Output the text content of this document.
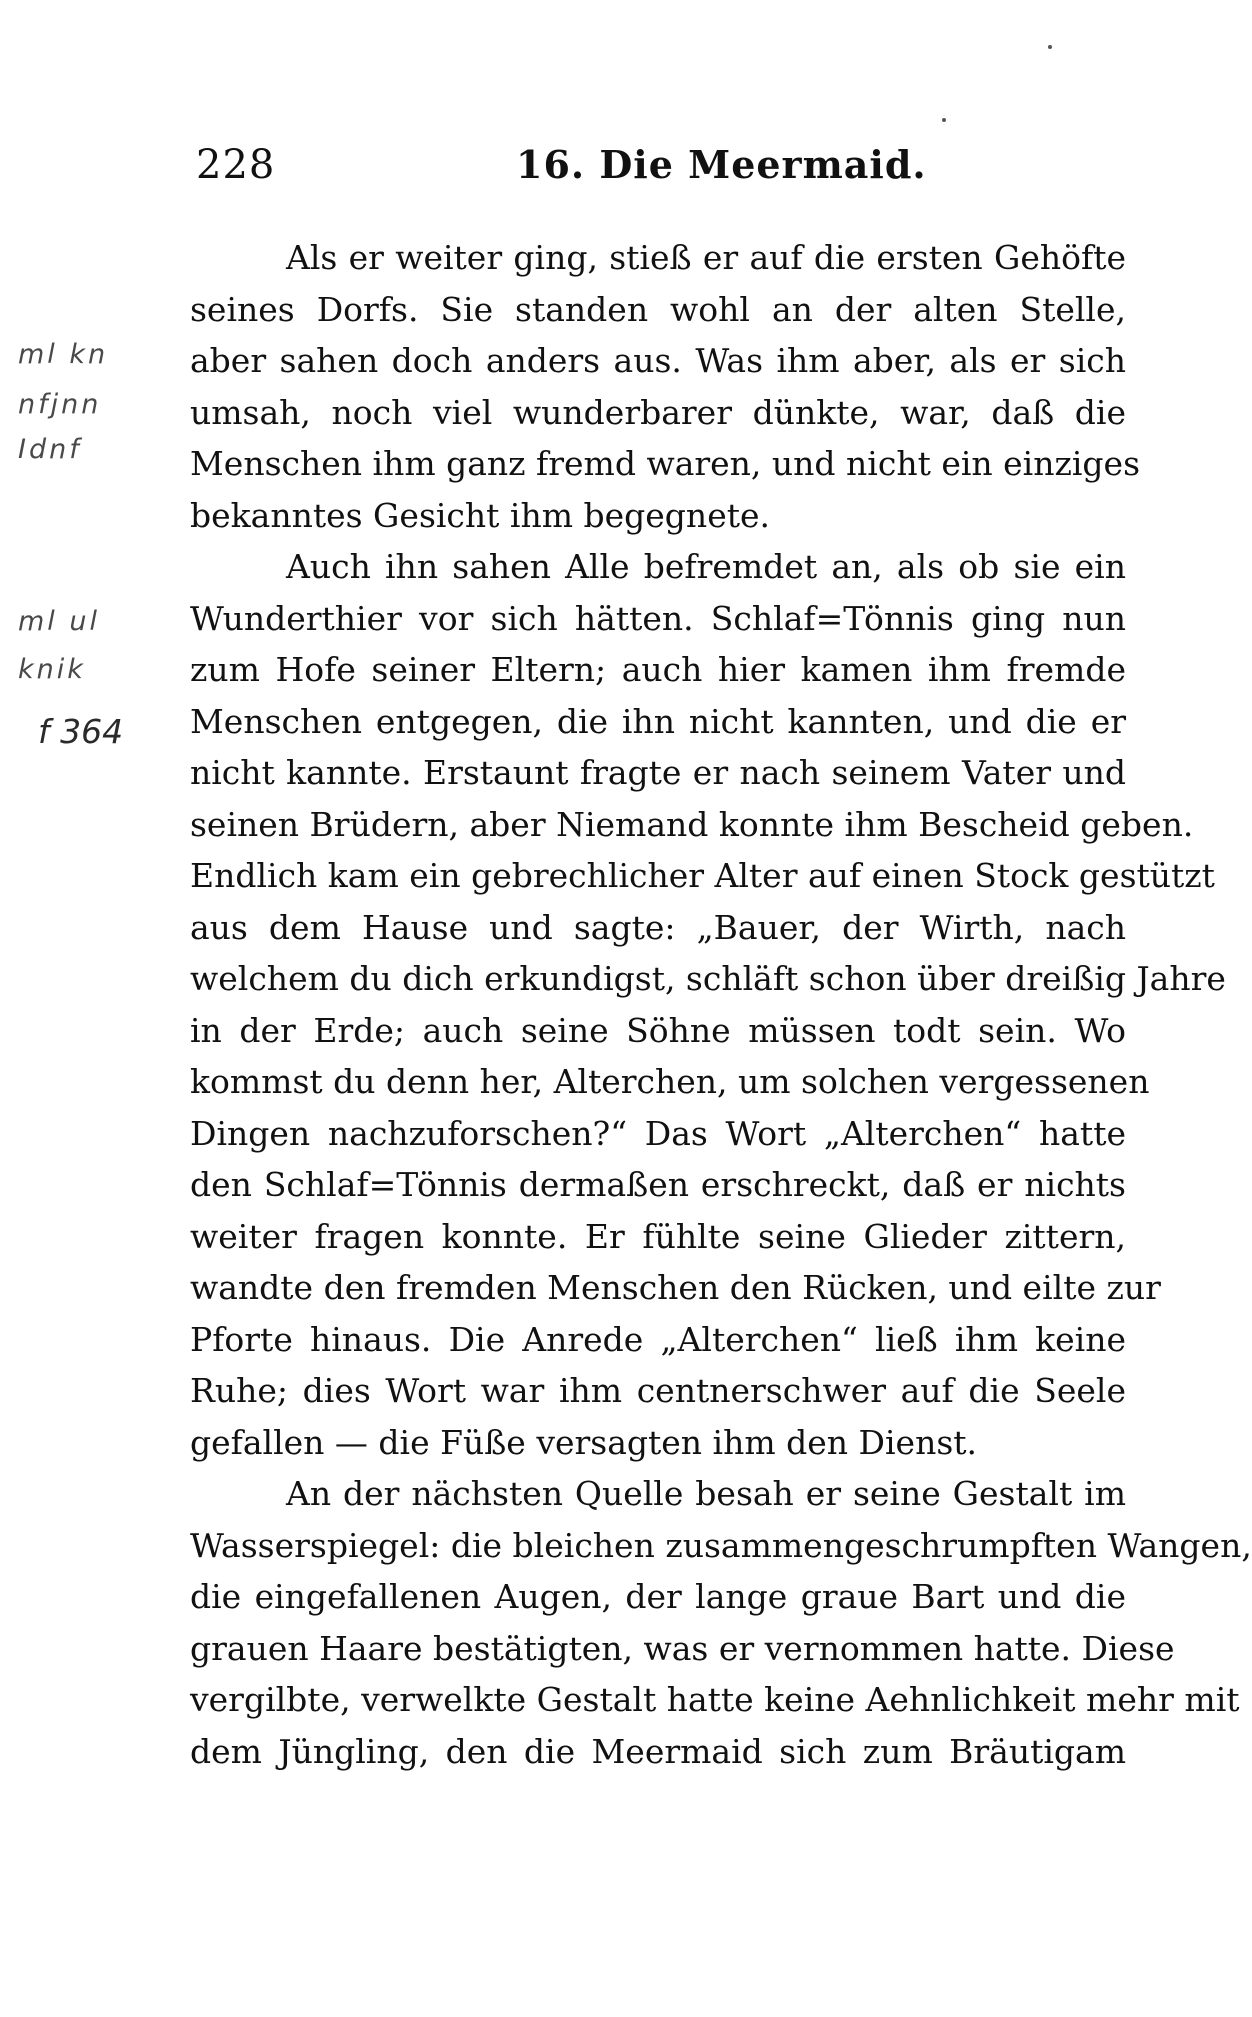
228	16. Die Meermaid.
ml kn
nfjnn
Idnf
ml ul
knik
f 364
Als er weiter ging, stieß er auf die ersten Gehöfte
seines Dorfs. Sie standen wohl an der alten Stelle,
aber sahen doch anders aus. Was ihm aber, als er sich
umsah, noch viel wunderbarer dünkte, war, daß die
Menschen ihm ganz fremd waren, und nicht ein einziges
bekanntes Gesicht ihm begegnete.
Auch ihn sahen Alle befremdet an, als ob sie ein
Wunderthier vor sich hätten. Schlaf=Tönnis ging nun
zum Hofe seiner Eltern; auch hier kamen ihm fremde
Menschen entgegen, die ihn nicht kannten, und die er
nicht kannte. Erstaunt fragte er nach seinem Vater und
seinen Brüdern, aber Niemand konnte ihm Bescheid geben.
Endlich kam ein gebrechlicher Alter auf einen Stock gestützt
aus dem Hause und sagte: „Bauer, der Wirth, nach
welchem du dich erkundigst, schläft schon über dreißig Jahre
in der Erde; auch seine Söhne müssen todt sein. Wo
kommst du denn her, Alterchen, um solchen vergessenen
Dingen nachzuforschen?“ Das Wort „Alterchen“ hatte
den Schlaf=Tönnis dermaßen erschreckt, daß er nichts
weiter fragen konnte. Er fühlte seine Glieder zittern,
wandte den fremden Menschen den Rücken, und eilte zur
Pforte hinaus. Die Anrede „Alterchen“ ließ ihm keine
Ruhe; dies Wort war ihm centnerschwer auf die Seele
gefallen — die Füße versagten ihm den Dienst.
An der nächsten Quelle besah er seine Gestalt im
Wasserspiegel: die bleichen zusammengeschrumpften Wangen,
die eingefallenen Augen, der lange graue Bart und die
grauen Haare bestätigten, was er vernommen hatte. Diese
vergilbte, verwelkte Gestalt hatte keine Aehnlichkeit mehr mit
dem Jüngling, den die Meermaid sich zum Bräutigam
